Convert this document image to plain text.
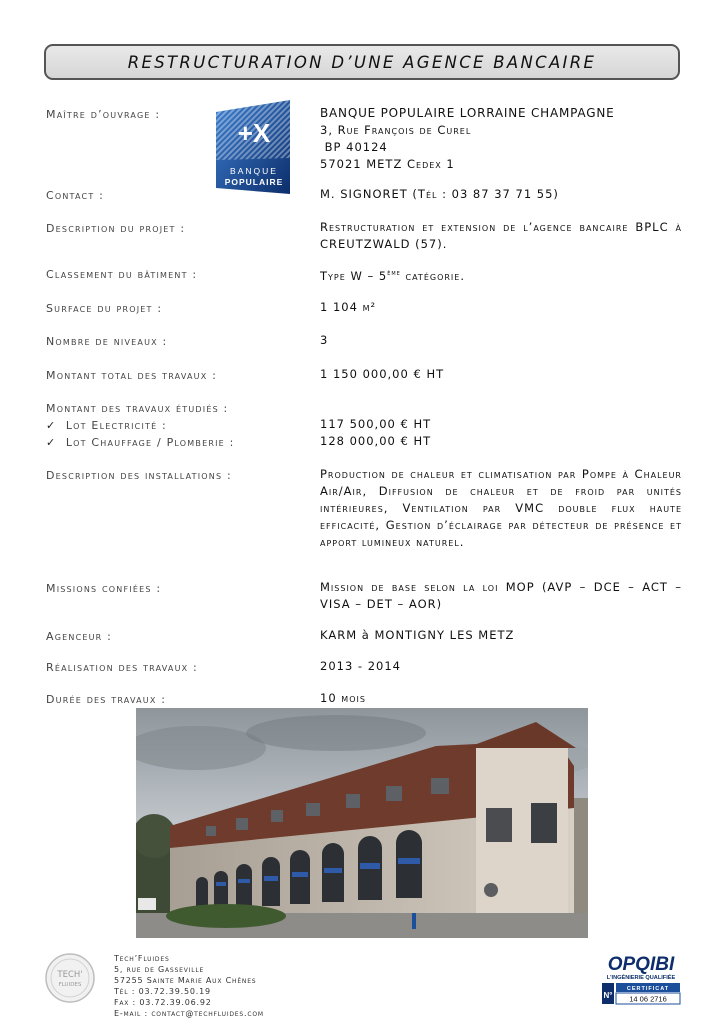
RESTRUCTURATION D’UNE AGENCE BANCAIRE
+X
BANQUE
POPULAIRE
Maître d’ouvrage :	BANQUE POPULAIRE LORRAINE CHAMPAGNE
3, Rue François de Curel
BP 40124
57021 METZ Cedex 1
Contact :	M. SIGNORET (Tél : 03 87 37 71 55)
Description du projet :	Restructuration et extension de l’agence bancaire BPLC à CREUTZWALD (57).
Classement du bâtiment :	Type W – 5ème catégorie.
Surface du projet :	1 104 m²
Nombre de niveaux :	3
Montant total des travaux :	1 150 000,00 € HT
Montant des travaux étudiés :
✓  Lot Electricité :	117 500,00 € HT
✓  Lot Chauffage / Plomberie :	128 000,00 € HT
Description des installations :	Production de chaleur et climatisation par Pompe à Chaleur Air/Air, Diffusion de chaleur et de froid par unités intérieures, Ventilation par VMC double flux haute efficacité, Gestion d’éclairage par détecteur de présence et apport lumineux naturel.
Missions confiées :	Mission de base selon la loi MOP (AVP – DCE – ACT – VISA – DET – AOR)
Agenceur :	KARM à MONTIGNY LES METZ
Réalisation des travaux :	2013 - 2014
Durée des travaux :	10 mois
TECH'
FLUIDES
Tech’Fluides
5, rue de Gasseville
57255 Sainte Marie Aux Chênes
Tél : 03.72.39.50.19
Fax : 03.72.39.06.92
E-mail : contact@techfluides.com
OPQIBI
L'INGÉNIERIE QUALIFIÉE
N°
CERTIFICAT
14 06 2716
